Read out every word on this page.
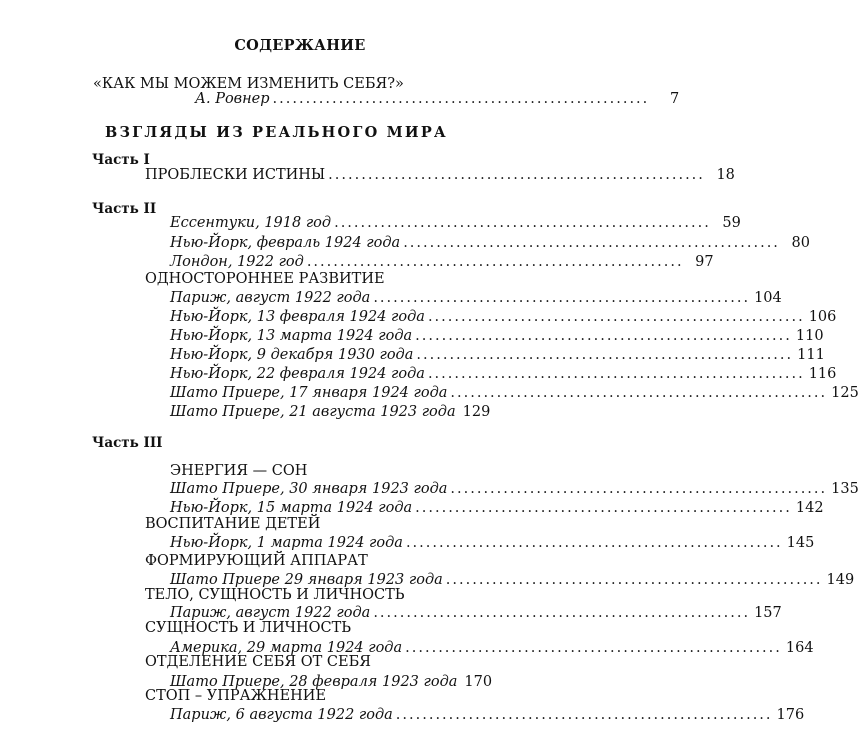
СОДЕРЖАНИЕ
«КАК МЫ МОЖЕМ ИЗМЕНИТЬ СЕБЯ?»
А. Ровнер .........................................................	7
ВЗГЛЯДЫ ИЗ РЕАЛЬНОГО МИРА
Часть I
ПРОБЛЕСКИ ИСТИНЫ ......................................................... 18
Часть II
Ессентуки, 1918 год ......................................................... 59
Нью-Йорк, февраль 1924 года ......................................................... 80
Лондон, 1922 год ......................................................... 97
ОДНОСТОРОННЕЕ РАЗВИТИЕ
Париж, август 1922 года ......................................................... 104
Нью-Йорк, 13 февраля 1924 года ......................................................... 106
Нью-Йорк, 13 марта 1924 года ......................................................... 110
Нью-Йорк, 9 декабря 1930 года ......................................................... 111
Нью-Йорк, 22 февраля 1924 года ......................................................... 116
Шато Приере, 17 января 1924 года ......................................................... 125
Шато Приере, 21 августа 1923 года 129
Часть III
ЭНЕРГИЯ — СОН
Шато Приере, 30 января 1923 года ......................................................... 135
Нью-Йорк, 15 марта 1924 года ......................................................... 142
ВОСПИТАНИЕ ДЕТЕЙ
Нью-Йорк, 1 марта 1924 года ......................................................... 145
ФОРМИРУЮЩИЙ АППАРАТ
Шато Приере 29 января 1923 года ......................................................... 149
ТЕЛО, СУЩНОСТЬ И ЛИЧНОСТЬ
Париж, август 1922 года ......................................................... 157
СУЩНОСТЬ И ЛИЧНОСТЬ
Америка, 29 марта 1924 года ......................................................... 164
ОТДЕЛЕНИЕ СЕБЯ ОТ СЕБЯ
Шато Приере, 28 февраля 1923 года 170
СТОП – УПРАЖНЕНИЕ
Париж, 6 августа 1922 года ......................................................... 176
